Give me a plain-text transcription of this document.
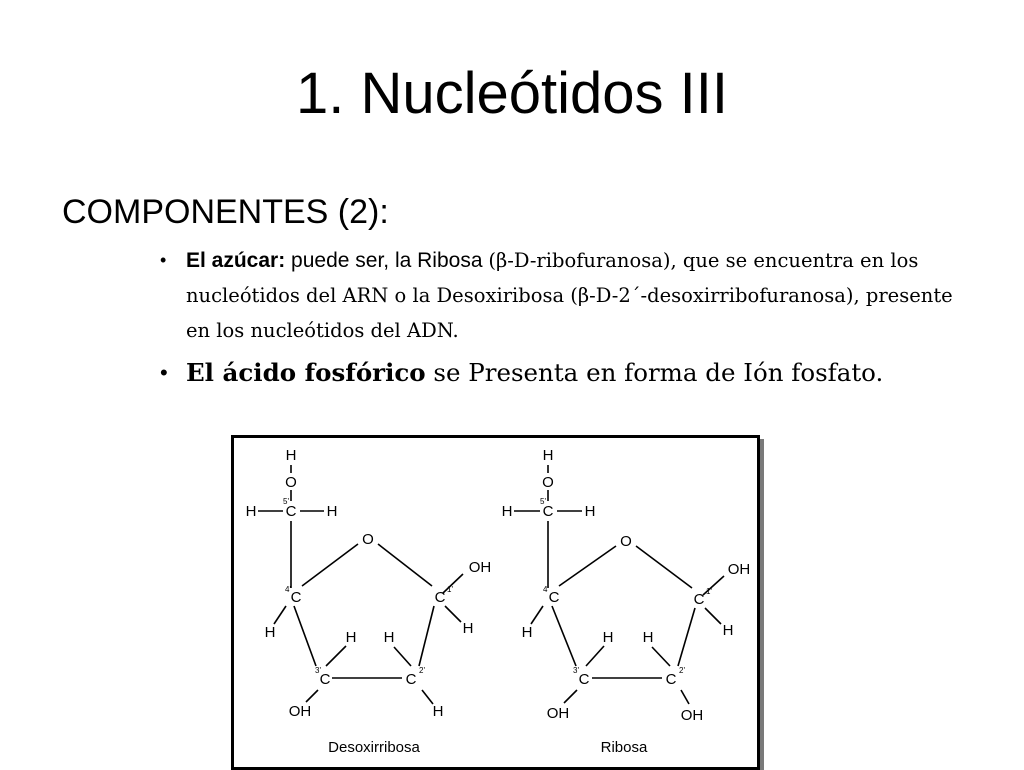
1. Nucleótidos III
COMPONENTES (2):
• El azúcar: puede ser, la Ribosa (β-D-ribofuranosa), que se encuentra en los nucleótidos del ARN o la Desoxiribosa (β-D-2´-desoxirribofuranosa), presente en los nucleótidos del ADN.
• El ácido fosfórico se Presenta en forma de Ión fosfato.
H
O
H C
5'
H
O
C
4'
H
C 1'
OH
H
H H
C
3'
C
2'
OH	H
Desoxirribosa
H
O
H C
5'
H
O
C
4'
H
C 1'
OH
H
H H
C
3'
C
2'
OH	OH
Ribosa
